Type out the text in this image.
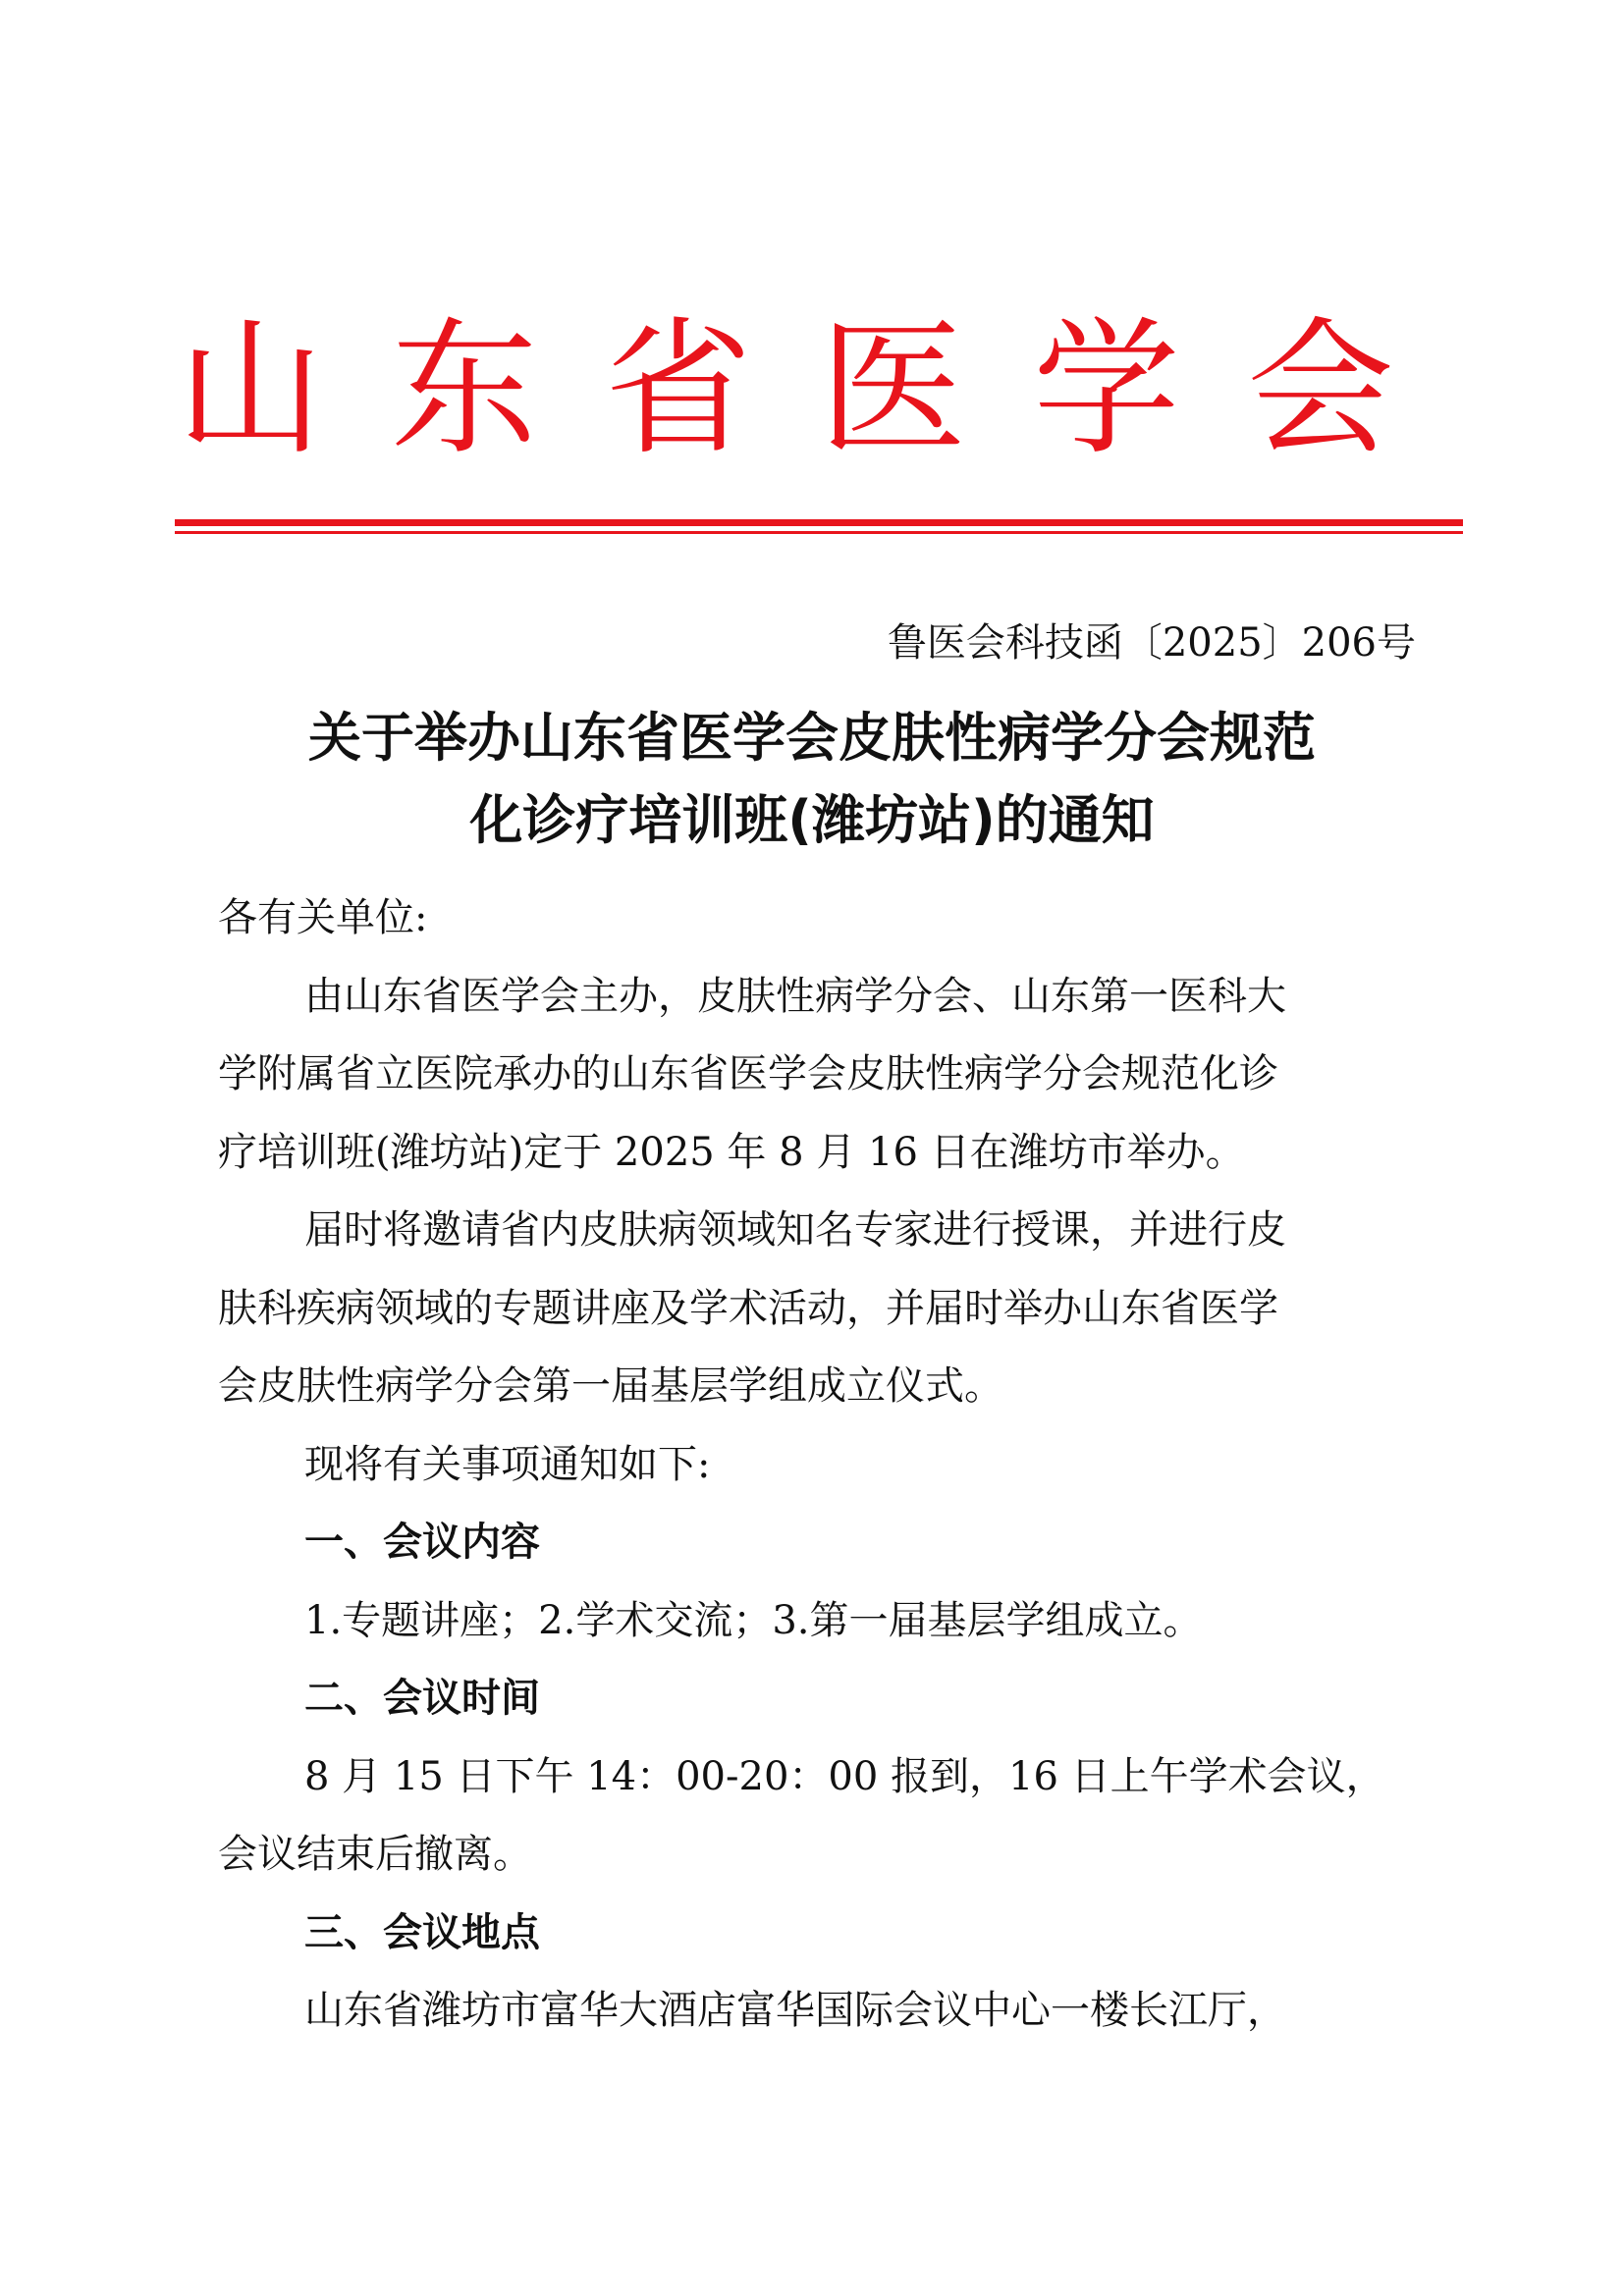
山 东 省 医 学 会
鲁医会科技函〔2025〕206号
关于举办山东省医学会皮肤性病学分会规范
化诊疗培训班(潍坊站)的通知

各有关单位:

由山东省医学会主办，皮肤性病学分会、山东第一医科大

学附属省立医院承办的山东省医学会皮肤性病学分会规范化诊

疗培训班(潍坊站)定于 2025 年 8 月 16 日在潍坊市举办。

届时将邀请省内皮肤病领域知名专家进行授课，并进行皮

肤科疾病领域的专题讲座及学术活动，并届时举办山东省医学

会皮肤性病学分会第一届基层学组成立仪式。

现将有关事项通知如下:

一、会议内容

1.专题讲座；2.学术交流；3.第一届基层学组成立。

二、会议时间

8 月 15 日下午 14：00-20：00 报到，16 日上午学术会议，

会议结束后撤离。

三、会议地点

山东省潍坊市富华大酒店富华国际会议中心一楼长江厅，
